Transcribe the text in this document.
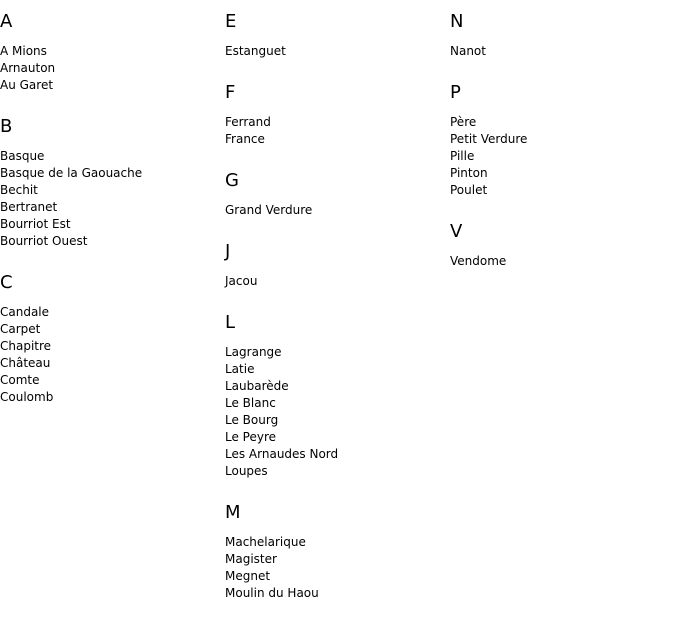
A
A Mions
Arnauton
Au Garet
B
Basque
Basque de la Gaouache
Bechit
Bertranet
Bourriot Est
Bourriot Ouest
C
Candale
Carpet
Chapitre
Château
Comte
Coulomb
E
Estanguet
F
Ferrand
France
G
Grand Verdure
J
Jacou
L
Lagrange
Latie
Laubarède
Le Blanc
Le Bourg
Le Peyre
Les Arnaudes Nord
Loupes
M
Machelarique
Magister
Megnet
Moulin du Haou
N
Nanot
P
Père
Petit Verdure
Pille
Pinton
Poulet
V
Vendome
